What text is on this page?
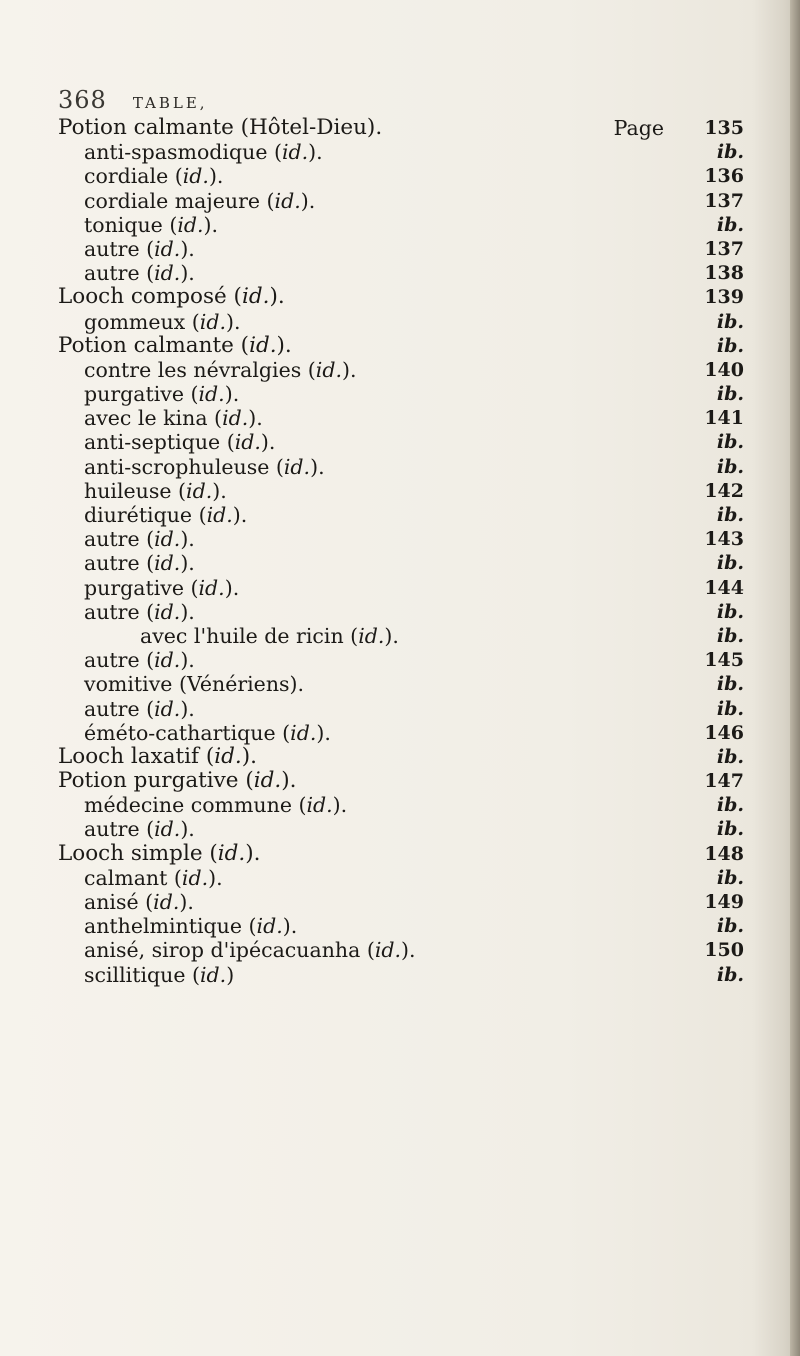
368 TABLE,
Potion calmante (Hôtel-Dieu).	Page	135
anti-spasmodique (id.).	ib.
cordiale (id.).	136
cordiale majeure (id.).	137
tonique (id.).	ib.
autre (id.).	137
autre (id.).	138
Looch composé (id.).	139
gommeux (id.).	ib.
Potion calmante (id.).	ib.
contre les névralgies (id.).	140
purgative (id.).	ib.
avec le kina (id.).	141
anti-septique (id.).	ib.
anti-scrophuleuse (id.).	ib.
huileuse (id.).	142
diurétique (id.).	ib.
autre (id.).	143
autre (id.).	ib.
purgative (id.).	144
autre (id.).	ib.
avec l'huile de ricin (id.).	ib.
autre (id.).	145
vomitive (Vénériens).	ib.
autre (id.).	ib.
éméto-cathartique (id.).	146
Looch laxatif (id.).	ib.
Potion purgative (id.).	147
médecine commune (id.).	ib.
autre (id.).	ib.
Looch simple (id.).	148
calmant (id.).	ib.
anisé (id.).	149
anthelmintique (id.).	ib.
anisé, sirop d'ipécacuanha (id.).	150
scillitique (id.)	ib.
